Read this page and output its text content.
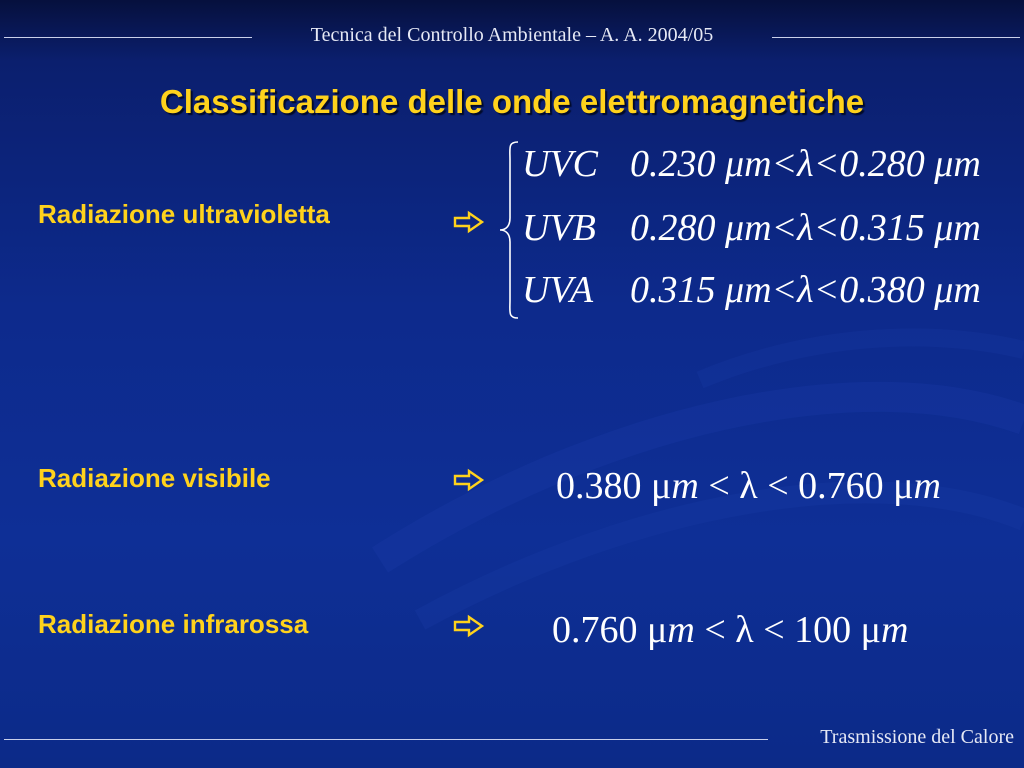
Tecnica del Controllo Ambientale – A. A. 2004/05
Classificazione delle onde elettromagnetiche
Radiazione ultravioletta
UVC 0.230 μm<λ<0.280 μm
UVB 0.280 μm<λ<0.315 μm
UVA 0.315 μm<λ<0.380 μm
Radiazione visibile	0.380 μm < λ < 0.760 μm
Radiazione infrarossa	0.760 μm < λ < 100 μm
Trasmissione del Calore
